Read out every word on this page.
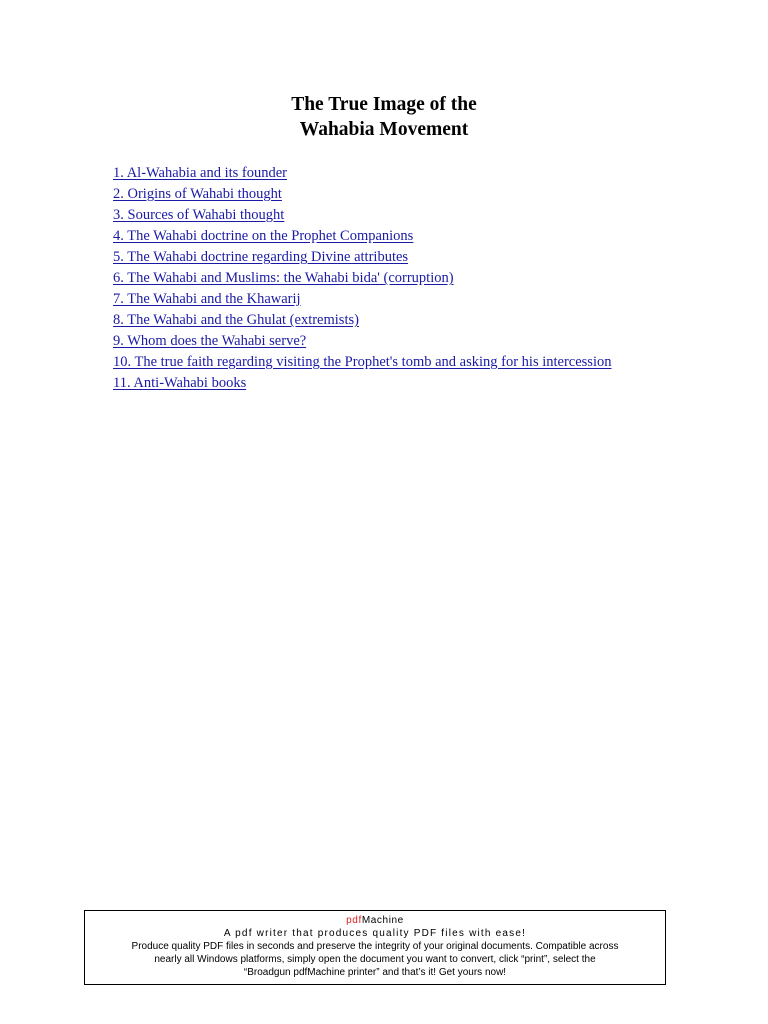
The True Image of the
Wahabia Movement
1. Al-Wahabia and its founder
2. Origins of Wahabi thought
3. Sources of Wahabi thought
4. The Wahabi doctrine on the Prophet Companions
5. The Wahabi doctrine regarding Divine attributes
6. The Wahabi and Muslims: the Wahabi bida' (corruption)
7. The Wahabi and the Khawarij
8. The Wahabi and the Ghulat (extremists)
9. Whom does the Wahabi serve?
10. The true faith regarding visiting the Prophet's tomb and asking for his intercession
11. Anti-Wahabi books
pdfMachine
A pdf writer that produces quality PDF files with ease!
Produce quality PDF files in seconds and preserve the integrity of your original documents. Compatible across
nearly all Windows platforms, simply open the document you want to convert, click “print”, select the
“Broadgun pdfMachine printer” and that’s it! Get yours now!
